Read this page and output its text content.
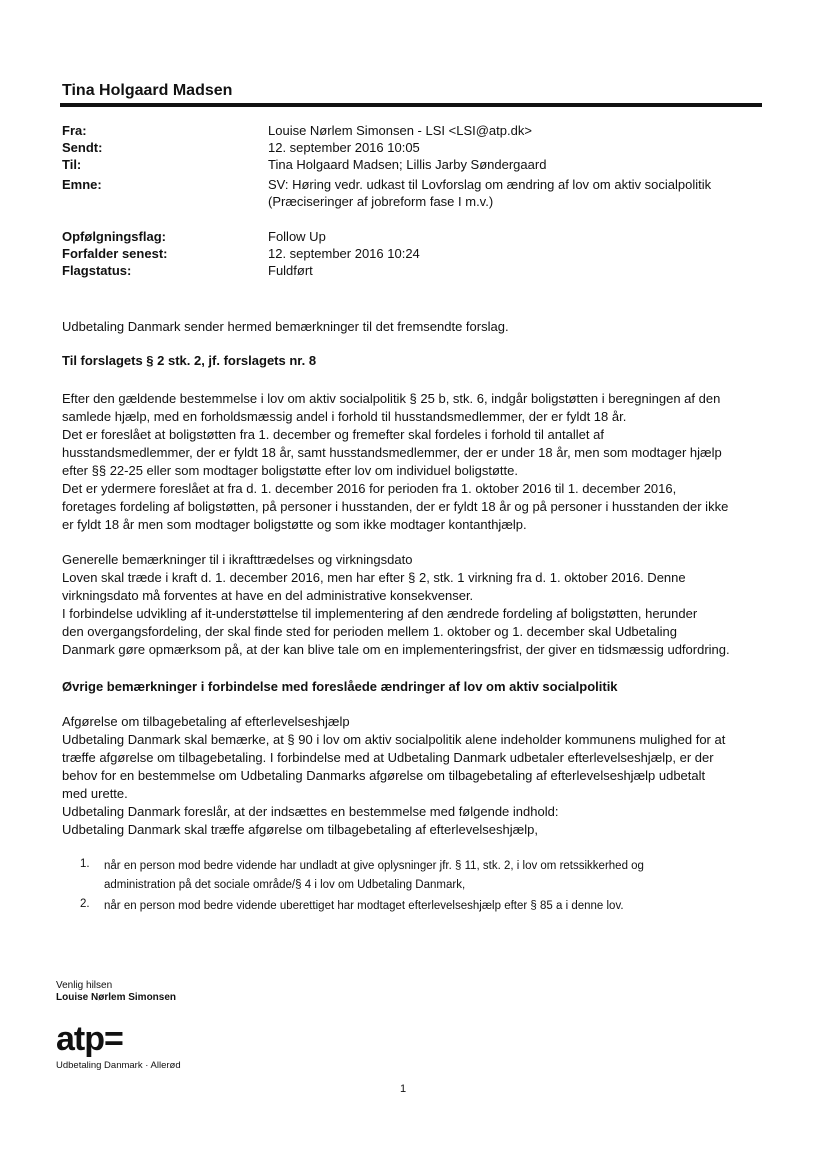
Tina Holgaard Madsen
Fra:	Louise Nørlem Simonsen - LSI <LSI@atp.dk>
Sendt:	12. september 2016 10:05
Til:	Tina Holgaard Madsen; Lillis Jarby Søndergaard
Emne:	SV: Høring vedr. udkast til Lovforslag om ændring af lov om aktiv socialpolitik
(Præciseringer af jobreform fase I m.v.)
Opfølgningsflag:	Follow Up
Forfalder senest:	12. september 2016 10:24
Flagstatus:	Fuldført
Udbetaling Danmark sender hermed bemærkninger til det fremsendte forslag.
Til forslagets § 2 stk. 2, jf. forslagets nr. 8
Efter den gældende bestemmelse i lov om aktiv socialpolitik § 25 b, stk. 6, indgår boligstøtten i beregningen af den
samlede hjælp, med en forholdsmæssig andel i forhold til husstandsmedlemmer, der er fyldt 18 år.
Det er foreslået at boligstøtten fra 1. december og fremefter skal fordeles i forhold til antallet af
husstandsmedlemmer, der er fyldt 18 år, samt husstandsmedlemmer, der er under 18 år, men som modtager hjælp
efter §§ 22-25 eller som modtager boligstøtte efter lov om individuel boligstøtte.
Det er ydermere foreslået at fra d. 1. december 2016 for perioden fra 1. oktober 2016 til 1. december 2016,
foretages fordeling af boligstøtten, på personer i husstanden, der er fyldt 18 år og på personer i husstanden der ikke
er fyldt 18 år men som modtager boligstøtte og som ikke modtager kontanthjælp.
Generelle bemærkninger til i ikrafttrædelses og virkningsdato
Loven skal træde i kraft d. 1. december 2016, men har efter § 2, stk. 1 virkning fra d. 1. oktober 2016. Denne
virkningsdato må forventes at have en del administrative konsekvenser.
I forbindelse udvikling af it-understøttelse til implementering af den ændrede fordeling af boligstøtten, herunder
den overgangsfordeling, der skal finde sted for perioden mellem 1. oktober og 1. december skal Udbetaling
Danmark gøre opmærksom på, at der kan blive tale om en implementeringsfrist, der giver en tidsmæssig udfordring.
Øvrige bemærkninger i forbindelse med foreslåede ændringer af lov om aktiv socialpolitik
Afgørelse om tilbagebetaling af efterlevelseshjælp
Udbetaling Danmark skal bemærke, at § 90 i lov om aktiv socialpolitik alene indeholder kommunens mulighed for at
træffe afgørelse om tilbagebetaling. I forbindelse med at Udbetaling Danmark udbetaler efterlevelseshjælp, er der
behov for en bestemmelse om Udbetaling Danmarks afgørelse om tilbagebetaling af efterlevelseshjælp udbetalt
med urette.
Udbetaling Danmark foreslår, at der indsættes en bestemmelse med følgende indhold:
Udbetaling Danmark skal træffe afgørelse om tilbagebetaling af efterlevelseshjælp,
1. når en person mod bedre vidende har undladt at give oplysninger jfr. § 11, stk. 2, i lov om retssikkerhed og
administration på det sociale område/§ 4 i lov om Udbetaling Danmark,
2. når en person mod bedre vidende uberettiget har modtaget efterlevelseshjælp efter § 85 a i denne lov.
Venlig hilsen
Louise Nørlem Simonsen
atp=
Udbetaling Danmark · Allerød
1
